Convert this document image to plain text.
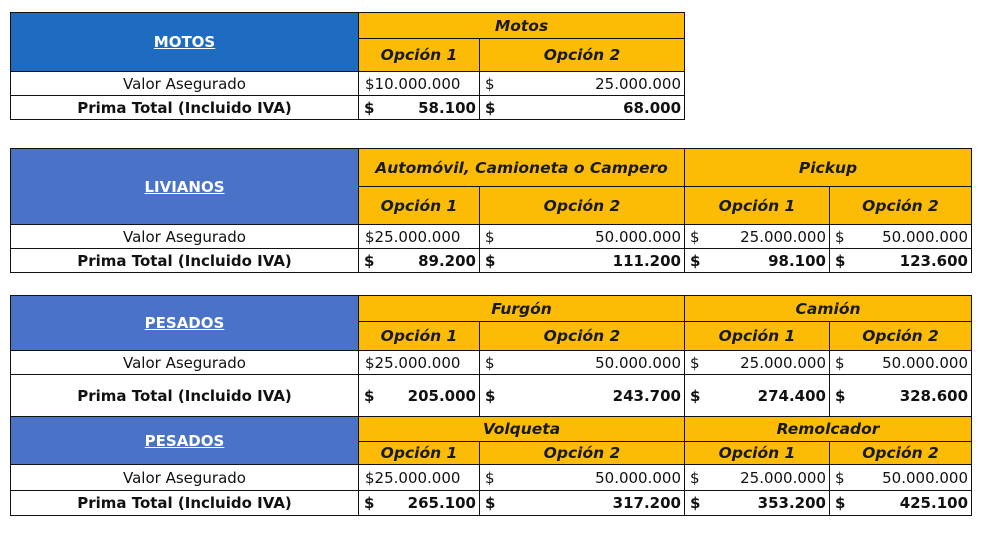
MOTOS	Motos	
	Opción 1	Opción 2
Valor Asegurado	$10.000.000	$ 25.000.000

Prima Total (Incluido IVA)	$ 58.100	$ 68.000
LIVIANOS	Automóvil, Camioneta o Campero		Pickup	
	Opción 1	Opción 2	Opción 1	Opción 2
Valor Asegurado	$25.000.000	$ 50.000.000	$ 25.000.000	$ 50.000.000

Prima Total (Incluido IVA)	$ 89.200	$ 111.200	$ 98.100	$ 123.600
PESADOS	Furgón		Camión	
	Opción 1	Opción 2	Opción 1	Opción 2
Valor Asegurado	$25.000.000	$ 50.000.000	$ 25.000.000	$ 50.000.000

Prima Total (Incluido IVA)	$ 205.000	$ 243.700	$ 274.400	$ 328.600

PESADOS	Volqueta		Remolcador	
	Opción 1	Opción 2	Opción 1	Opción 2
Valor Asegurado	$25.000.000	$ 50.000.000	$ 25.000.000	$ 50.000.000

Prima Total (Incluido IVA)	$ 265.100	$ 317.200	$ 353.200	$ 425.100
